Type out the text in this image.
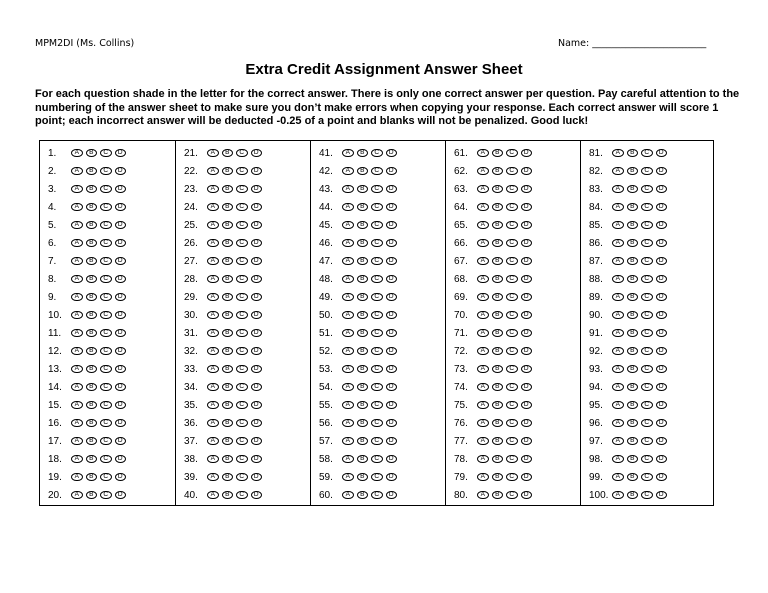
MPM2DI (Ms. Collins)	Name: ________________________
Extra Credit Assignment Answer Sheet
For each question shade in the letter for the correct answer. There is only one correct answer per question. Pay careful attention to the numbering of the answer sheet to make sure you don’t make errors when copying your response. Each correct answer will score 1 point; each incorrect answer will be deducted -0.25 of a point and blanks will not be penalized. Good luck!
1.	A	B	C	D
2.	A	B	C	D
3.	A	B	C	D
4.	A	B	C	D
5.	A	B	C	D
6.	A	B	C	D
7.	A	B	C	D
8.	A	B	C	D
9.	A	B	C	D
10.	A	B	C	D
11.	A	B	C	D
12.	A	B	C	D
13.	A	B	C	D
14.	A	B	C	D
15.	A	B	C	D
16.	A	B	C	D
17.	A	B	C	D
18.	A	B	C	D
19.	A	B	C	D
20.	A	B	C	D
21.	A	B	C	D
22.	A	B	C	D
23.	A	B	C	D
24.	A	B	C	D
25.	A	B	C	D
26.	A	B	C	D
27.	A	B	C	D
28.	A	B	C	D
29.	A	B	C	D
30.	A	B	C	D
31.	A	B	C	D
32.	A	B	C	D
33.	A	B	C	D
34.	A	B	C	D
35.	A	B	C	D
36.	A	B	C	D
37.	A	B	C	D
38.	A	B	C	D
39.	A	B	C	D
40.	A	B	C	D
41.	A	B	C	D
42.	A	B	C	D
43.	A	B	C	D
44.	A	B	C	D
45.	A	B	C	D
46.	A	B	C	D
47.	A	B	C	D
48.	A	B	C	D
49.	A	B	C	D
50.	A	B	C	D
51.	A	B	C	D
52.	A	B	C	D
53.	A	B	C	D
54.	A	B	C	D
55.	A	B	C	D
56.	A	B	C	D
57.	A	B	C	D
58.	A	B	C	D
59.	A	B	C	D
60.	A	B	C	D
61.	A	B	C	D
62.	A	B	C	D
63.	A	B	C	D
64.	A	B	C	D
65.	A	B	C	D
66.	A	B	C	D
67.	A	B	C	D
68.	A	B	C	D
69.	A	B	C	D
70.	A	B	C	D
71.	A	B	C	D
72.	A	B	C	D
73.	A	B	C	D
74.	A	B	C	D
75.	A	B	C	D
76.	A	B	C	D
77.	A	B	C	D
78.	A	B	C	D
79.	A	B	C	D
80.	A	B	C	D
81.	A	B	C	D
82.	A	B	C	D
83.	A	B	C	D
84.	A	B	C	D
85.	A	B	C	D
86.	A	B	C	D
87.	A	B	C	D
88.	A	B	C	D
89.	A	B	C	D
90.	A	B	C	D
91.	A	B	C	D
92.	A	B	C	D
93.	A	B	C	D
94.	A	B	C	D
95.	A	B	C	D
96.	A	B	C	D
97.	A	B	C	D
98.	A	B	C	D
99.	A	B	C	D
100.	A	B	C	D
